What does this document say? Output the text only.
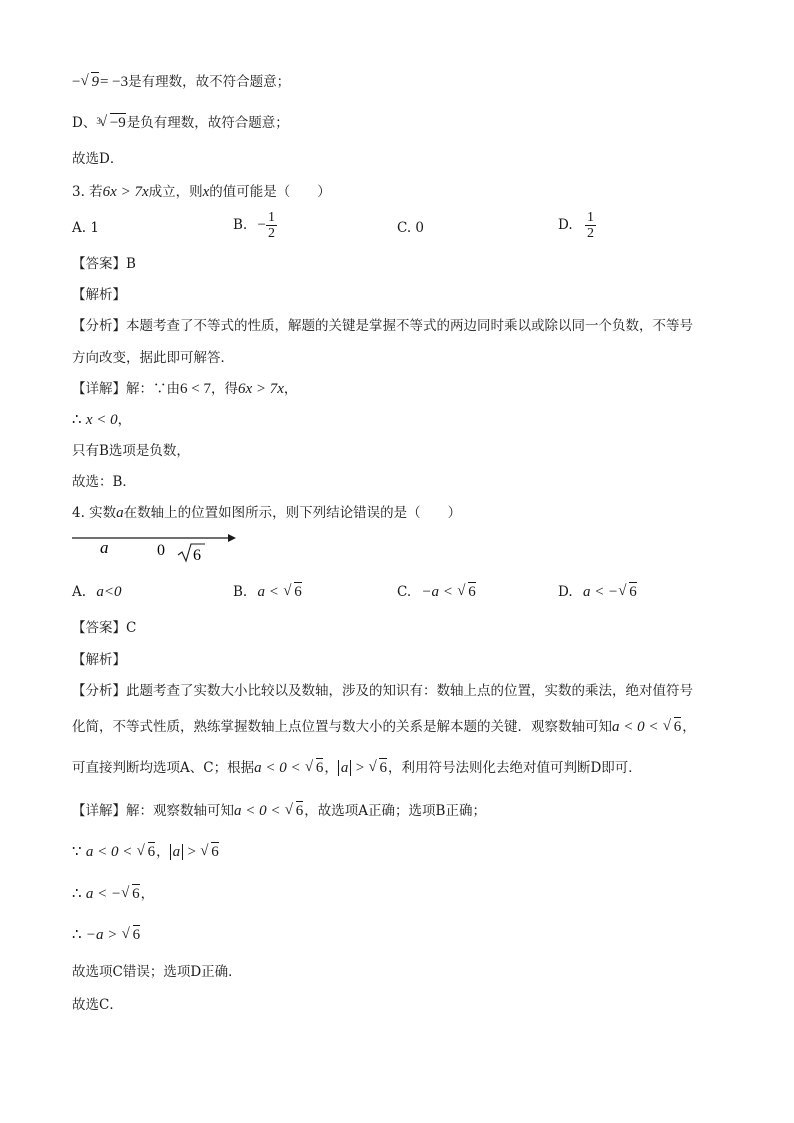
− √ 9= −3是有理数，故不符合题意；
D、$^3$ √ −9是负有理数，故符合题意；
故选D．
3. 若6x > 7x成立，则x的值可能是（　　）
A. 1	B. − $\frac{1}{2}$	C. 0	D. $\frac{1}{2}$
【答案】B
【解析】
【分析】本题考查了不等式的性质，解题的关键是掌握不等式的两边同时乘以或除以同一个负数，不等号
方向改变，据此即可解答．
【详解】解：∵由6 < 7，得6x > 7x，
∴ x < 0，
只有B选项是负数，
故选：B．
4. 实数a在数轴上的位置如图所示，则下列结论错误的是（　　）
a	0 6
A. a<0	B. a < √ 6	C. −a < √ 6	D. a < − √ 6
【答案】C
【解析】
【分析】此题考查了实数大小比较以及数轴，涉及的知识有：数轴上点的位置，实数的乘法，绝对值符号
化简，不等式性质，熟练掌握数轴上点位置与数大小的关系是解本题的关键．观察数轴可知a < 0 < √ 6，
可直接判断均选项A、C；根据a < 0 < √ 6， a > √ 6，利用符号法则化去绝对值可判断D即可．
【详解】解：观察数轴可知a < 0 < √ 6，故选项A正确；选项B正确；
∵ a < 0 < √ 6， a > √ 6
∴ a < − √ 6，
∴ −a > √ 6
故选项C错误；选项D正确．
故选C．
